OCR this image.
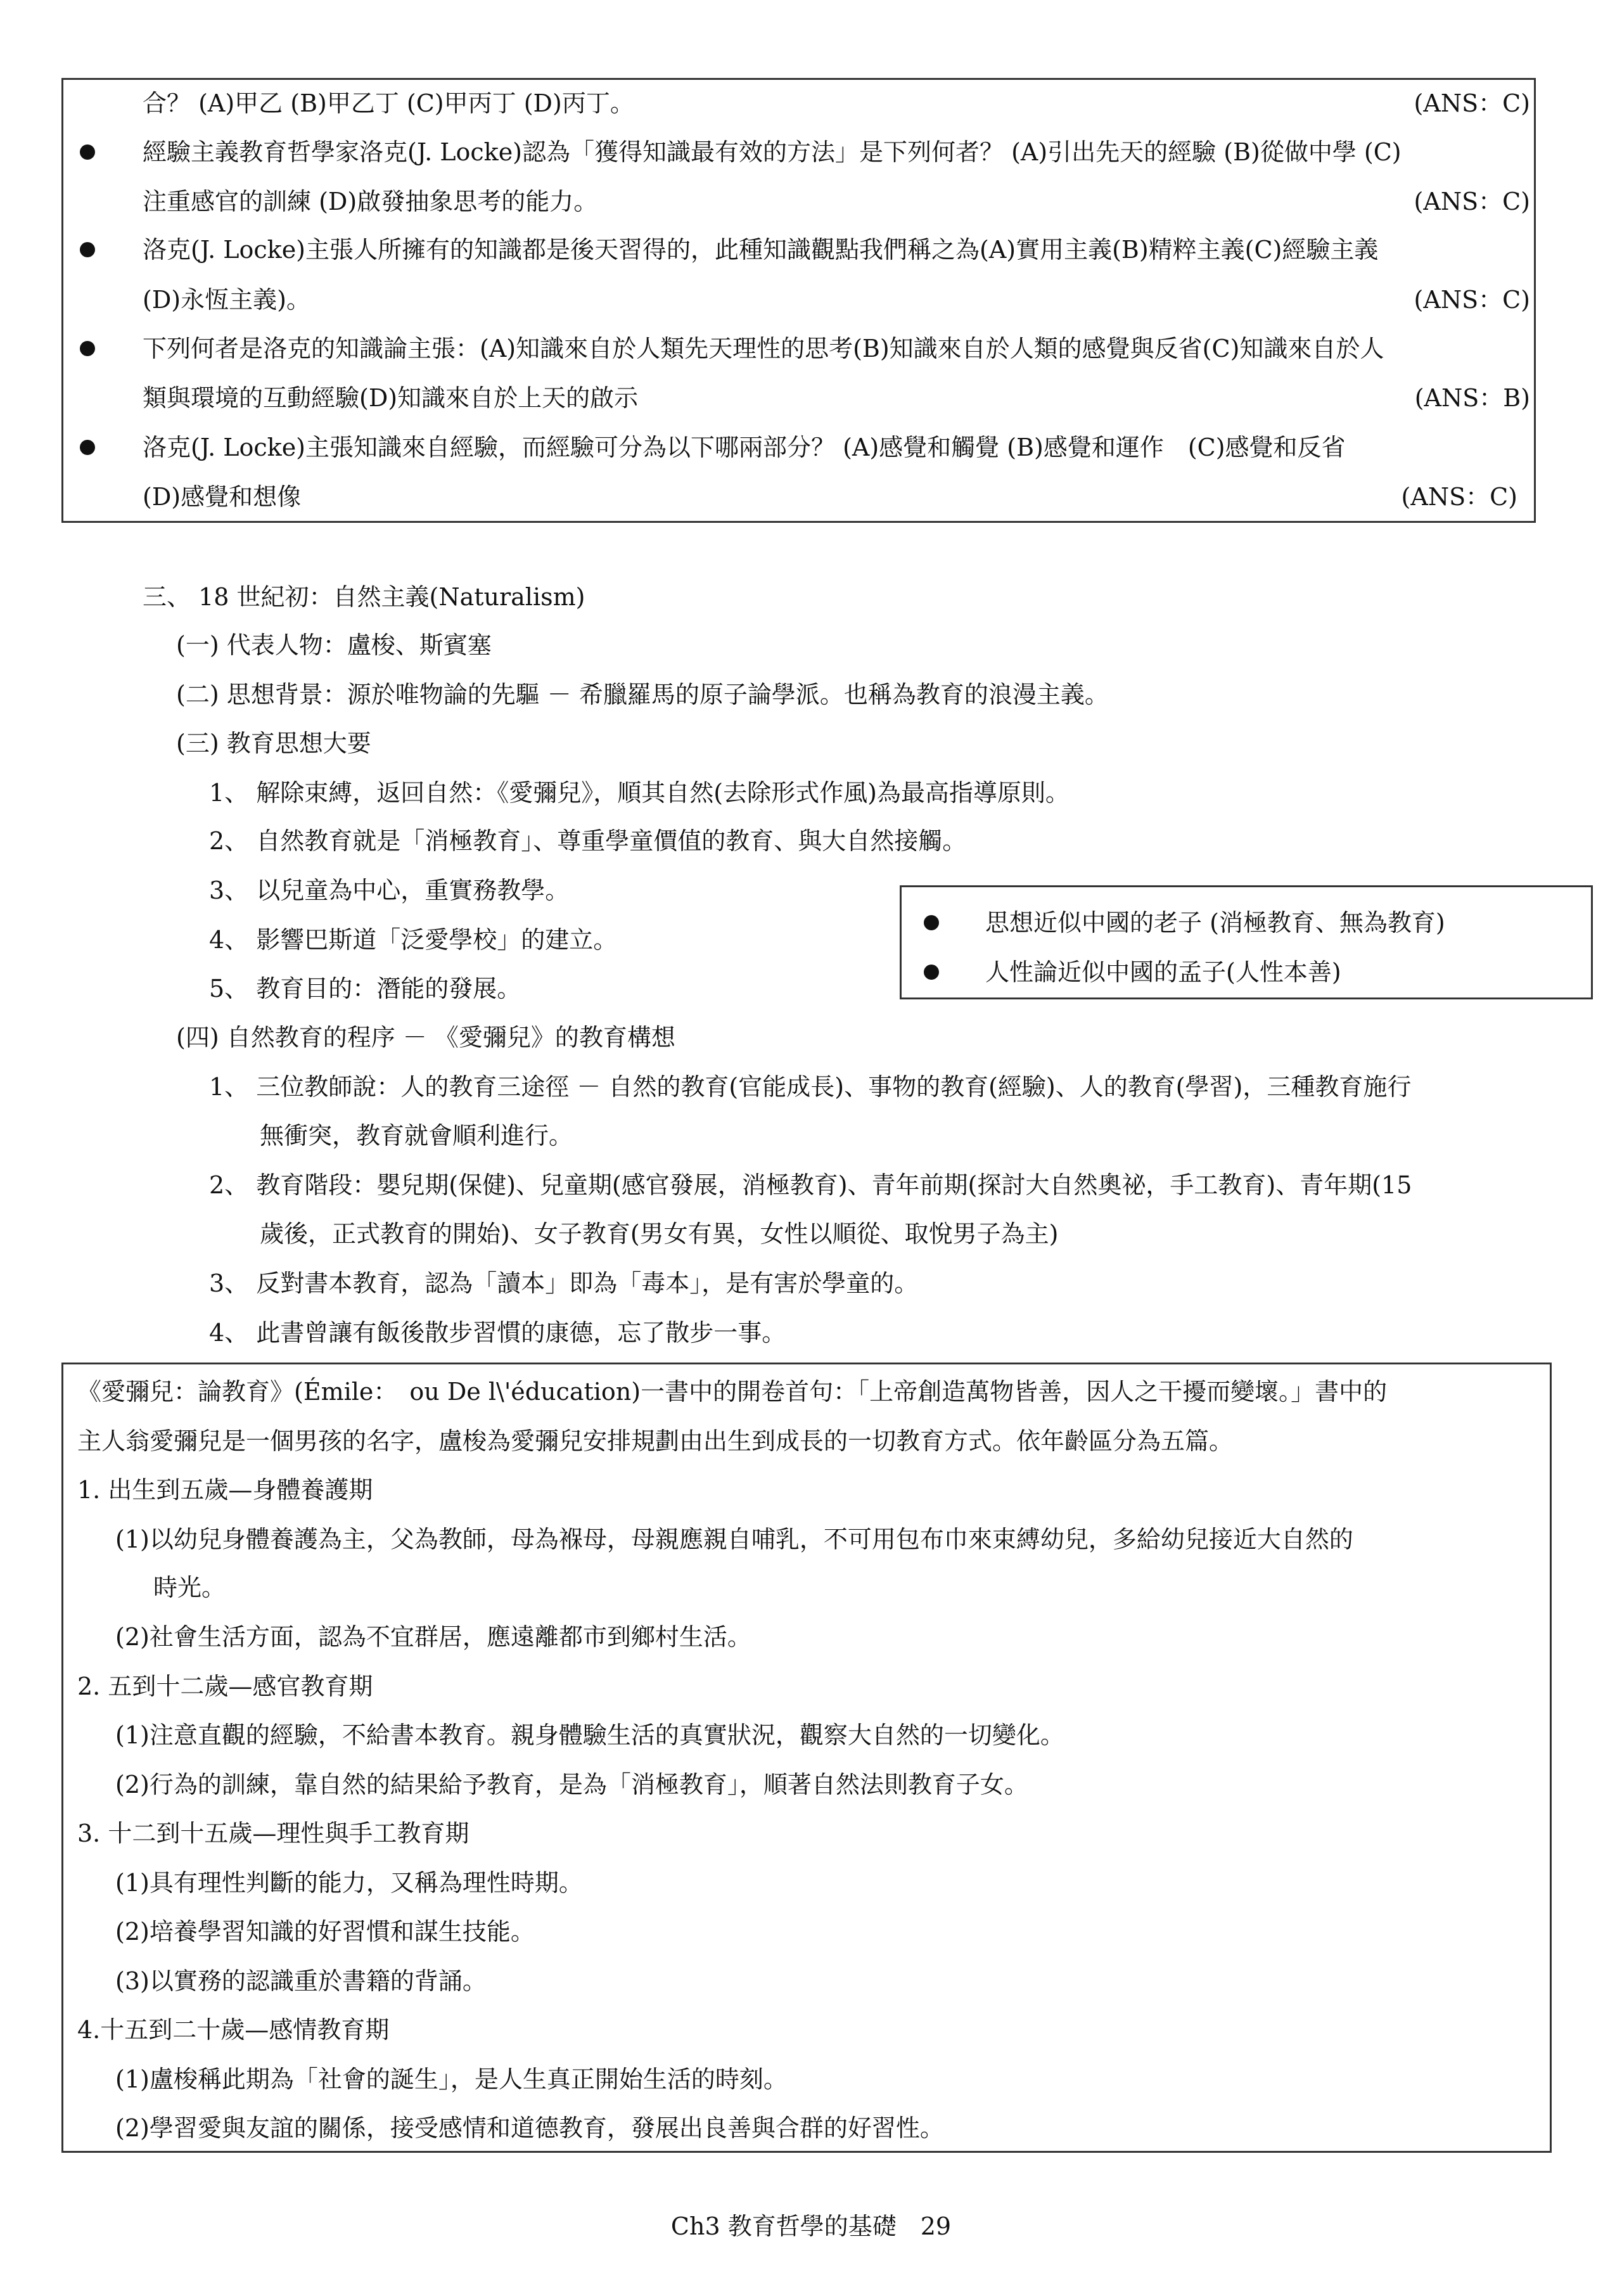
合？ (A)甲乙 (B)甲乙丁 (C)甲丙丁 (D)丙丁。	(ANS：C)
經驗主義教育哲學家洛克(J. Locke)認為「獲得知識最有效的方法」是下列何者？ (A)引出先天的經驗 (B)從做中學 (C)
注重感官的訓練 (D)啟發抽象思考的能力。	(ANS：C)
洛克(J. Locke)主張人所擁有的知識都是後天習得的，此種知識觀點我們稱之為(A)實用主義(B)精粹主義(C)經驗主義
(D)永恆主義)。	(ANS：C)
下列何者是洛克的知識論主張：(A)知識來自於人類先天理性的思考(B)知識來自於人類的感覺與反省(C)知識來自於人
類與環境的互動經驗(D)知識來自於上天的啟示	(ANS：B)
洛克(J. Locke)主張知識來自經驗，而經驗可分為以下哪兩部分？ (A)感覺和觸覺 (B)感覺和運作　(C)感覺和反省
(D)感覺和想像	(ANS：C)
三、 18 世紀初：自然主義(Naturalism)
(一) 代表人物：盧梭、斯賓塞
(二) 思想背景：源於唯物論的先驅 － 希臘羅馬的原子論學派。也稱為教育的浪漫主義。
(三) 教育思想大要
1、 解除束縛，返回自然：《愛彌兒》，順其自然(去除形式作風)為最高指導原則。
2、 自然教育就是「消極教育」、尊重學童價值的教育、與大自然接觸。
3、 以兒童為中心，重實務教學。
4、 影響巴斯道「泛愛學校」的建立。
5、 教育目的：潛能的發展。
思想近似中國的老子 (消極教育、無為教育)
人性論近似中國的孟子(人性本善)
(四) 自然教育的程序 － 《愛彌兒》的教育構想
1、 三位教師說：人的教育三途徑 － 自然的教育(官能成長)、事物的教育(經驗)、人的教育(學習)，三種教育施行
無衝突，教育就會順利進行。
2、 教育階段：嬰兒期(保健)、兒童期(感官發展，消極教育)、青年前期(探討大自然奧祕，手工教育)、青年期(15
歲後，正式教育的開始)、女子教育(男女有異，女性以順從、取悅男子為主)
3、 反對書本教育，認為「讀本」即為「毒本」，是有害於學童的。
4、 此書曾讓有飯後散步習慣的康德，忘了散步一事。
《愛彌兒：論教育》(Émile：　ou De l\'éducation)一書中的開卷首句：「上帝創造萬物皆善，因人之干擾而變壞。」書中的
主人翁愛彌兒是一個男孩的名字，盧梭為愛彌兒安排規劃由出生到成長的一切教育方式。依年齡區分為五篇。
1. 出生到五歲—身體養護期
(1)以幼兒身體養護為主，父為教師，母為褓母，母親應親自哺乳，不可用包布巾來束縛幼兒，多給幼兒接近大自然的
時光。
(2)社會生活方面，認為不宜群居，應遠離都市到鄉村生活。
2. 五到十二歲—感官教育期
(1)注意直觀的經驗，不給書本教育。親身體驗生活的真實狀況，觀察大自然的一切變化。
(2)行為的訓練，靠自然的結果給予教育，是為「消極教育」，順著自然法則教育子女。
3. 十二到十五歲—理性與手工教育期
(1)具有理性判斷的能力，又稱為理性時期。
(2)培養學習知識的好習慣和謀生技能。
(3)以實務的認識重於書籍的背誦。
4.十五到二十歲—感情教育期
(1)盧梭稱此期為「社會的誕生」，是人生真正開始生活的時刻。
(2)學習愛與友誼的關係，接受感情和道德教育，發展出良善與合群的好習性。
Ch3 教育哲學的基礎　29
